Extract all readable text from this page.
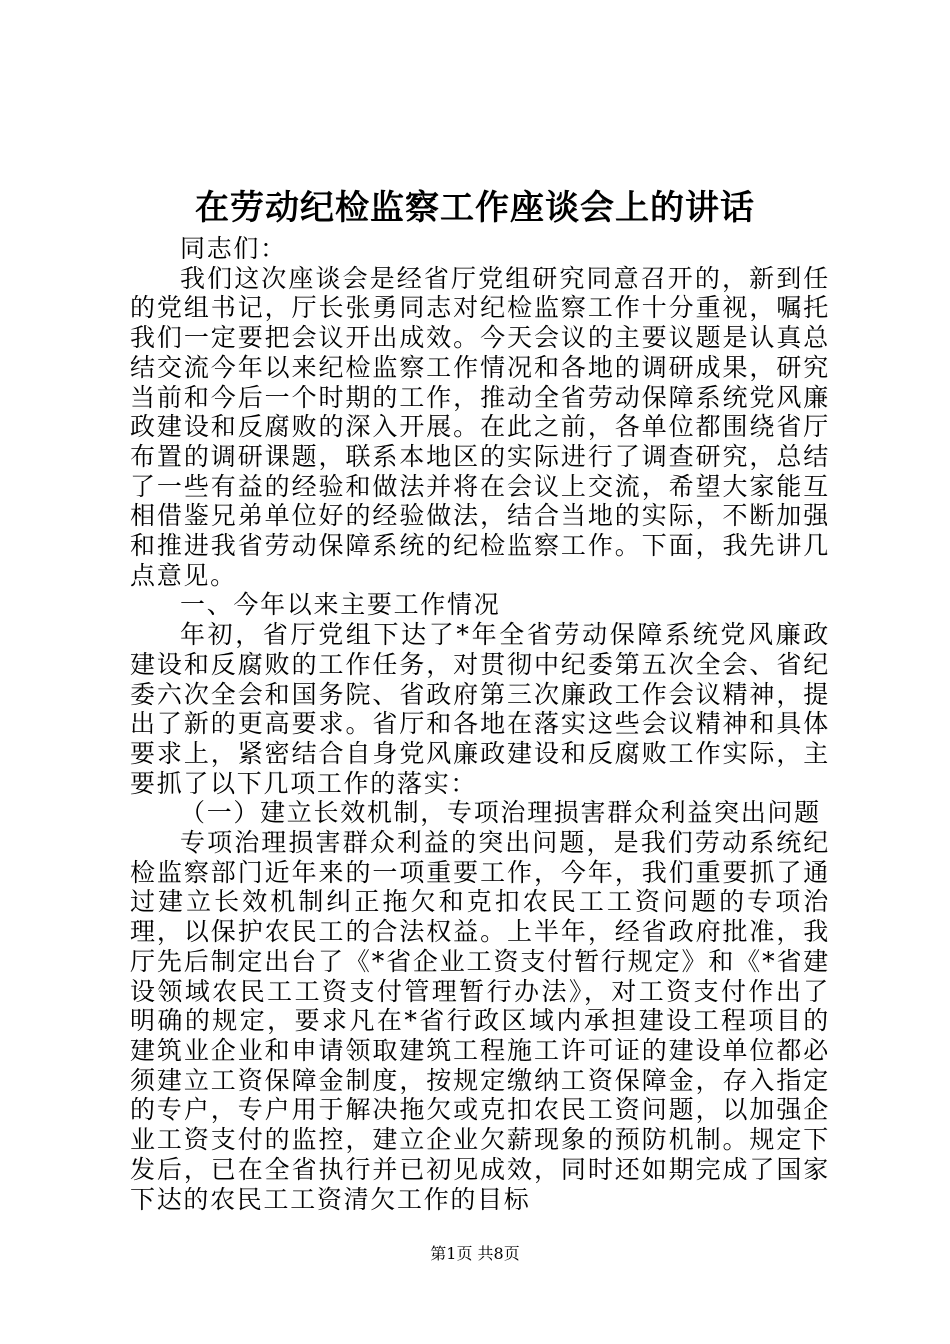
在劳动纪检监察工作座谈会上的讲话

同志们：

我们这次座谈会是经省厅党组研究同意召开的，新到任的党组书记，厅长张勇同志对纪检监察工作十分重视，嘱托我们一定要把会议开出成效。今天会议的主要议题是认真总结交流今年以来纪检监察工作情况和各地的调研成果，研究当前和今后一个时期的工作，推动全省劳动保障系统党风廉政建设和反腐败的深入开展。在此之前，各单位都围绕省厅布置的调研课题，联系本地区的实际进行了调查研究，总结了一些有益的经验和做法并将在会议上交流，希望大家能互相借鉴兄弟单位好的经验做法，结合当地的实际，不断加强和推进我省劳动保障系统的纪检监察工作。下面，我先讲几点意见。

一、今年以来主要工作情况

年初，省厅党组下达了*年全省劳动保障系统党风廉政建设和反腐败的工作任务，对贯彻中纪委第五次全会、省纪委六次全会和国务院、省政府第三次廉政工作会议精神，提出了新的更高要求。省厅和各地在落实这些会议精神和具体要求上，紧密结合自身党风廉政建设和反腐败工作实际，主要抓了以下几项工作的落实：

（一）建立长效机制，专项治理损害群众利益突出问题

专项治理损害群众利益的突出问题，是我们劳动系统纪检监察部门近年来的一项重要工作，今年，我们重要抓了通过建立长效机制纠正拖欠和克扣农民工工资问题的专项治理，以保护农民工的合法权益。上半年，经省政府批准，我厅先后制定出台了《*省企业工资支付暂行规定》和《*省建设领域农民工工资支付管理暂行办法》，对工资支付作出了明确的规定，要求凡在*省行政区域内承担建设工程项目的建筑业企业和申请领取建筑工程施工许可证的建设单位都必须建立工资保障金制度，按规定缴纳工资保障金，存入指定的专户，专户用于解决拖欠或克扣农民工资问题，以加强企业工资支付的监控，建立企业欠薪现象的预防机制。规定下发后，已在全省执行并已初见成效，同时还如期完成了国家下达的农民工工资清欠工作的目标

第1页 共8页
